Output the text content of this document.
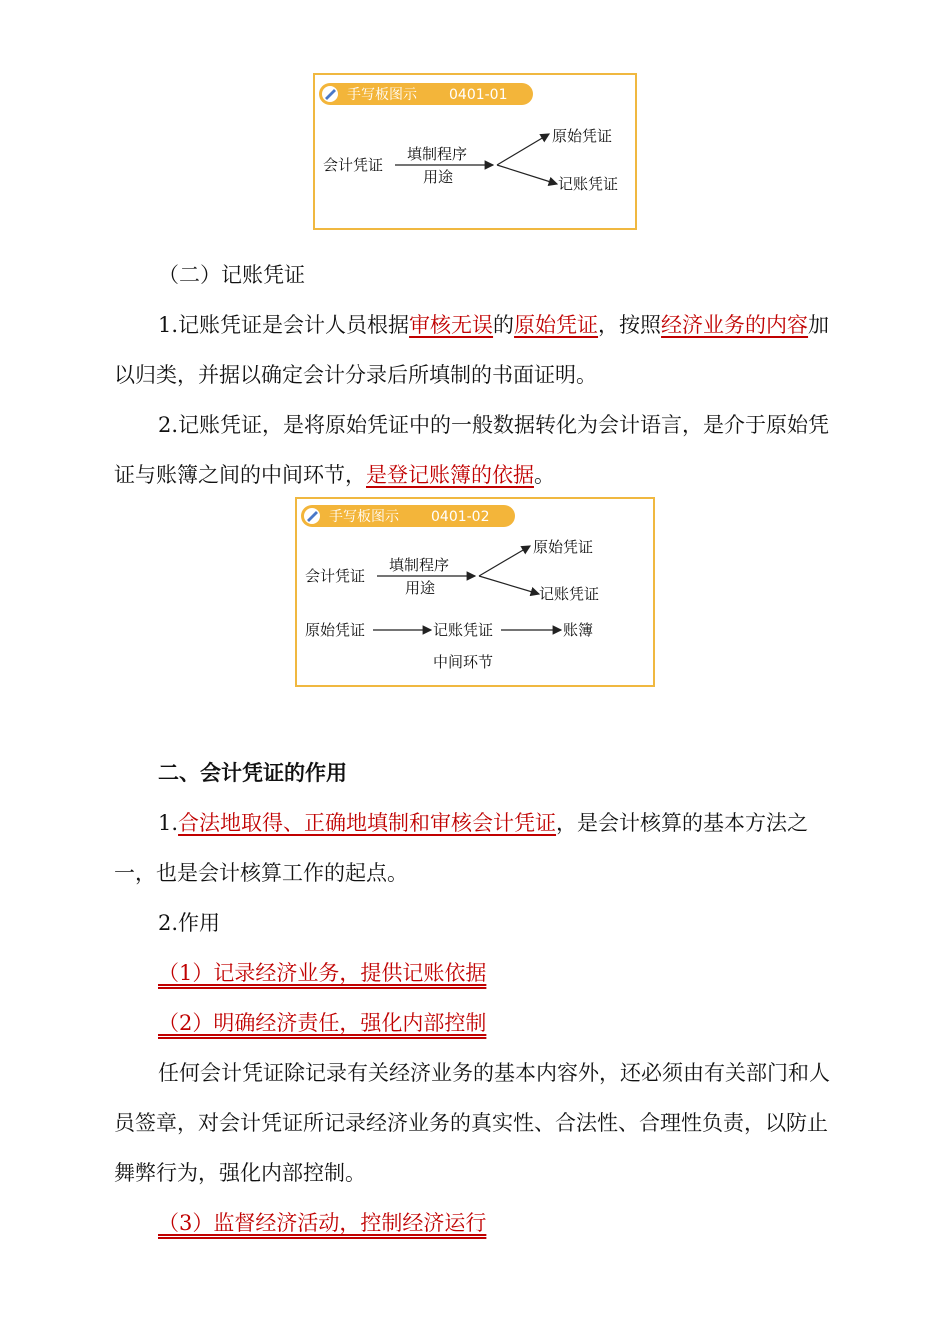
手写板图示 0401-01
会计凭证
填制程序
用途
原始凭证
记账凭证

（二）记账凭证

1.记账凭证是会计人员根据审核无误的原始凭证，按照经济业务的内容加以归类，并据以确定会计分录后所填制的书面证明。

2.记账凭证，是将原始凭证中的一般数据转化为会计语言，是介于原始凭证与账簿之间的中间环节，是登记账簿的依据。

手写板图示 0401-02
会计凭证
填制程序
用途
原始凭证
记账凭证
原始凭证	记账凭证	账簿
中间环节

二、会计凭证的作用

1.合法地取得、正确地填制和审核会计凭证，是会计核算的基本方法之一，也是会计核算工作的起点。

2.作用

（1）记录经济业务，提供记账依据

（2）明确经济责任，强化内部控制

任何会计凭证除记录有关经济业务的基本内容外，还必须由有关部门和人员签章，对会计凭证所记录经济业务的真实性、合法性、合理性负责，以防止舞弊行为，强化内部控制。

（3）监督经济活动，控制经济运行
